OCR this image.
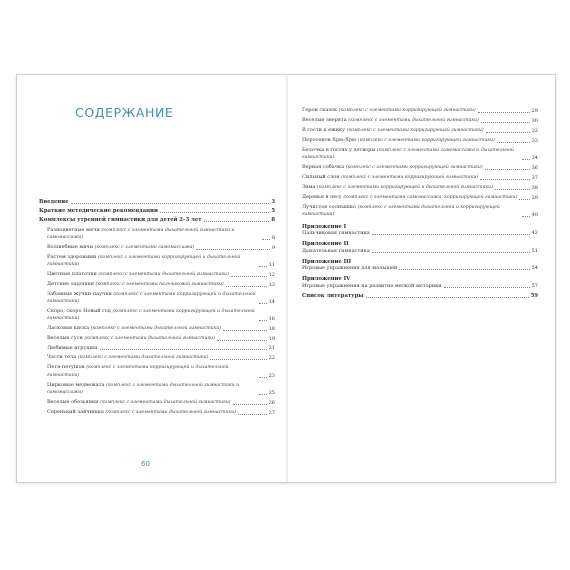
СОДЕРЖАНИЕ
Введение	3
Краткие методические рекомендации	5
Комплексы утренней гимнастики для детей 2–3 лет	8
Разноцветные мячи (комплекс с элементами дыхательной гимнастики и самомассажа)	8
Волшебные мячи (комплекс с элементами самомассажа)	9
Растем здоровыми (комплекс с элементами корригирующей и дыхательной гимнастики)	11
Цветные платочки (комплекс с элементами дыхательной гимнастики)	12
Детские ладошки (комплекс с элементами пальчиковой гимнастики)	13
Забавные жучки-паучки (комплекс с элементами корригирующей и дыхательной гимнастики)	14
Скоро, скоро Новый год (комплекс с элементами корригирующей и дыхательной гимнастики)	16
Ласковая киска (комплекс с элементами дыхательной гимнастики)	18
Веселые гуси (комплекс с элементами дыхательной гимнастики)	19
Любимые игрушки	21
Части тела (комплекс с элементами дыхательной гимнастики)	22
Петя-петушок (комплекс с элементами корригирующей и дыхательной гимнастики)	23
Цирковые медвежата (комплекс с элементами дыхательной гимнастики и самомассажа)	25
Веселые обезьянки (комплекс с элементами дыхательной гимнастики)	26
Серенький зайчишка (комплекс с элементами дыхательной гимнастики)	27
60
Герои сказок (комплекс с элементами корригирующей гимнастики)	29
Веселые зверята (комплекс с элементами дыхательной гимнастики)	30
В гости к ежику (комплекс с элементами корригирующей гимнастики)	32
Поросенок Хрю-Хрю (комплекс с элементами корригирующей гимнастики)	33
Белочка в гостях у детворы (комплекс с элементами самомассажа и дыхательной гимнастики)	34
Верная собачка (комплекс с элементами корригирующей гимнастики)	36
Сильный слон (комплекс с элементами корригирующей гимнастики)	37
Зима (комплекс с элементами корригирующей и дыхательной гимнастики)	38
Деревья в лесу (комплекс с элементами самомассажа, корригирующей гимнастики)	39
Лучистое солнышко (комплекс с элементами дыхательной и корригирующей гимнастики)	40
Приложение I
Пальчиковая гимнастика	42
Приложение II
Дыхательная гимнастика	51
Приложение III
Игровые упражнения для малышей	54
Приложение IV
Игровые упражнения на развитие мелкой моторики	57
Список литературы	59
